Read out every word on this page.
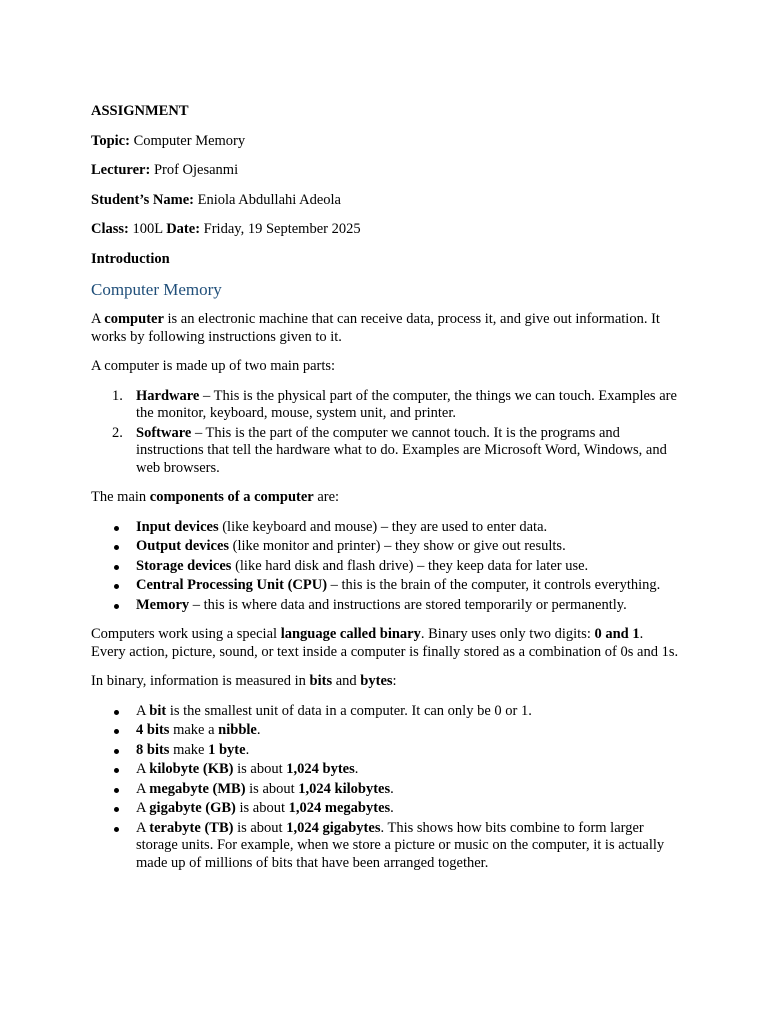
ASSIGNMENT

Topic: Computer Memory

Lecturer: Prof Ojesanmi

Student’s Name: Eniola Abdullahi Adeola

Class: 100L Date: Friday, 19 September 2025

Introduction

Computer Memory

A computer is an electronic machine that can receive data, process it, and give out information. It works by following instructions given to it.

A computer is made up of two main parts:

1. Hardware – This is the physical part of the computer, the things we can touch. Examples are the monitor, keyboard, mouse, system unit, and printer.
2. Software – This is the part of the computer we cannot touch. It is the programs and instructions that tell the hardware what to do. Examples are Microsoft Word, Windows, and web browsers.

The main components of a computer are:

Input devices (like keyboard and mouse) – they are used to enter data.
Output devices (like monitor and printer) – they show or give out results.
Storage devices (like hard disk and flash drive) – they keep data for later use.
Central Processing Unit (CPU) – this is the brain of the computer, it controls everything.
Memory – this is where data and instructions are stored temporarily or permanently.

Computers work using a special language called binary. Binary uses only two digits: 0 and 1. Every action, picture, sound, or text inside a computer is finally stored as a combination of 0s and 1s.

In binary, information is measured in bits and bytes:

A bit is the smallest unit of data in a computer. It can only be 0 or 1.
4 bits make a nibble.
8 bits make 1 byte.
A kilobyte (KB) is about 1,024 bytes.
A megabyte (MB) is about 1,024 kilobytes.
A gigabyte (GB) is about 1,024 megabytes.
A terabyte (TB) is about 1,024 gigabytes. This shows how bits combine to form larger storage units. For example, when we store a picture or music on the computer, it is actually made up of millions of bits that have been arranged together.
